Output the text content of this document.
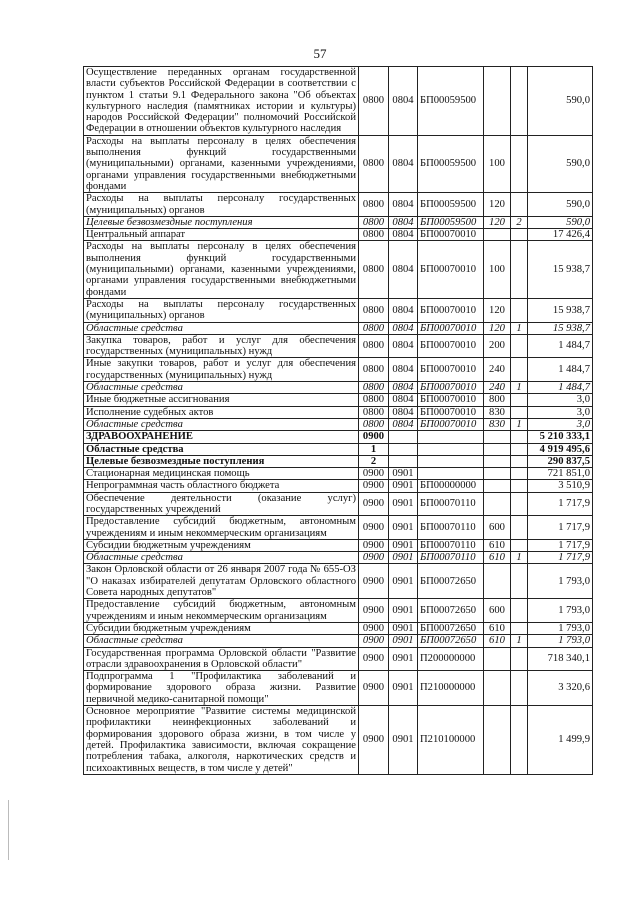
57
Осуществление переданных органам государственной власти субъектов Российской Федерации в соответствии с пунктом 1 статьи 9.1 Федерального закона "Об объектах культурного наследия (памятниках истории и культуры) народов Российской Федерации" полномочий Российской Федерации в отношении объектов культурного наследия	0800	0804	БП00059500			590,0
Расходы на выплаты персоналу в целях обеспечения выполнения функций государственными (муниципальными) органами, казенными учреждениями, органами управления государственными внебюджетными фондами	0800	0804	БП00059500	100		590,0
Расходы на выплаты персоналу государственных (муниципальных) органов	0800	0804	БП00059500	120		590,0
Целевые безвозмездные поступления	0800	0804	БП00059500	120	2	590,0
Центральный аппарат	0800	0804	БП00070010			17 426,4
Расходы на выплаты персоналу в целях обеспечения выполнения функций государственными (муниципальными) органами, казенными учреждениями, органами управления государственными внебюджетными фондами	0800	0804	БП00070010	100		15 938,7
Расходы на выплаты персоналу государственных (муниципальных) органов	0800	0804	БП00070010	120		15 938,7
Областные средства	0800	0804	БП00070010	120	1	15 938,7
Закупка товаров, работ и услуг для обеспечения государственных (муниципальных) нужд	0800	0804	БП00070010	200		1 484,7
Иные закупки товаров, работ и услуг для обеспечения государственных (муниципальных) нужд	0800	0804	БП00070010	240		1 484,7
Областные средства	0800	0804	БП00070010	240	1	1 484,7
Иные бюджетные ассигнования	0800	0804	БП00070010	800		3,0
Исполнение судебных актов	0800	0804	БП00070010	830		3,0
Областные средства	0800	0804	БП00070010	830	1	3,0
ЗДРАВООХРАНЕНИЕ	0900					5 210 333,1
Областные средства	1					4 919 495,6
Целевые безвозмездные поступления	2					290 837,5
Стационарная медицинская помощь	0900	0901				721 851,0
Непрограммная часть областного бюджета	0900	0901	БП00000000			3 510,9
Обеспечение деятельности (оказание услуг) государственных учреждений	0900	0901	БП00070110			1 717,9
Предоставление субсидий бюджетным, автономным учреждениям и иным некоммерческим организациям	0900	0901	БП00070110	600		1 717,9
Субсидии бюджетным учреждениям	0900	0901	БП00070110	610		1 717,9
Областные средства	0900	0901	БП00070110	610	1	1 717,9
Закон Орловской области от 26 января 2007 года № 655-ОЗ "О наказах избирателей депутатам Орловского областного Совета народных депутатов"	0900	0901	БП00072650			1 793,0
Предоставление субсидий бюджетным, автономным учреждениям и иным некоммерческим организациям	0900	0901	БП00072650	600		1 793,0
Субсидии бюджетным учреждениям	0900	0901	БП00072650	610		1 793,0
Областные средства	0900	0901	БП00072650	610	1	1 793,0
Государственная программа Орловской области "Развитие отрасли здравоохранения в Орловской области"	0900	0901	П200000000			718 340,1
Подпрограмма 1 "Профилактика заболеваний и формирование здорового образа жизни. Развитие первичной медико-санитарной помощи"	0900	0901	П210000000			3 320,6
Основное мероприятие "Развитие системы медицинской профилактики неинфекционных заболеваний и формирования здорового образа жизни, в том числе у детей. Профилактика зависимости, включая сокращение потребления табака, алкоголя, наркотических средств и психоактивных веществ, в том числе у детей"	0900	0901	П210100000			1 499,9
